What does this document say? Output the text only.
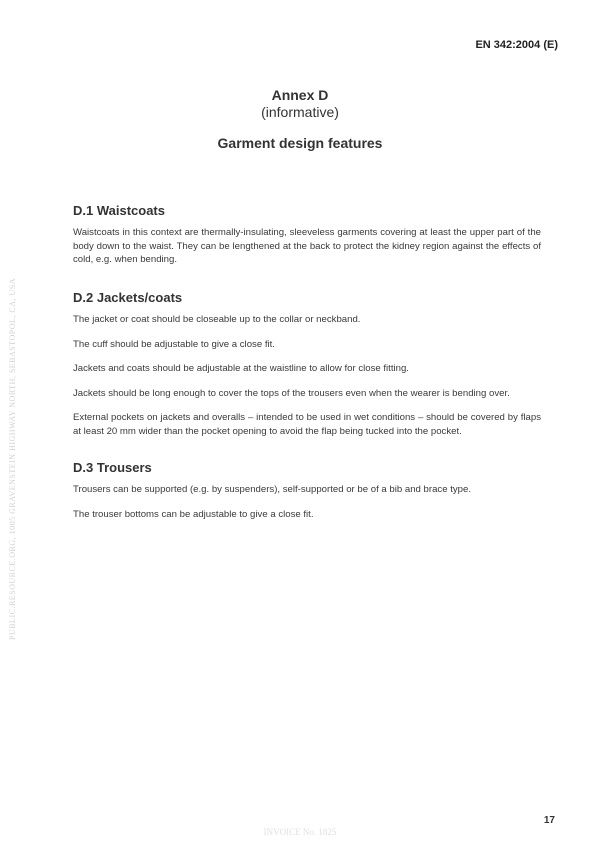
EN 342:2004 (E)
Annex D
(informative)
Garment design features
D.1 Waistcoats

Waistcoats in this context are thermally-insulating, sleeveless garments covering at least the upper part of the body down to the waist. They can be lengthened at the back to protect the kidney region against the effects of cold, e.g. when bending.

D.2 Jackets/coats

The jacket or coat should be closeable up to the collar or neckband.

The cuff should be adjustable to give a close fit.

Jackets and coats should be adjustable at the waistline to allow for close fitting.

Jackets should be long enough to cover the tops of the trousers even when the wearer is bending over.

External pockets on jackets and overalls – intended to be used in wet conditions – should be covered by flaps at least 20 mm wider than the pocket opening to avoid the flap being tucked into the pocket.

D.3 Trousers

Trousers can be supported (e.g. by suspenders), self-supported or be of a bib and brace type.

The trouser bottoms can be adjustable to give a close fit.

PUBLIC.RESOURCE.ORG, 1005 GRAVENSTEIN HIGHWAY NORTH, SEBASTOPOL, CA, USA
INVOICE No. 1825
17
